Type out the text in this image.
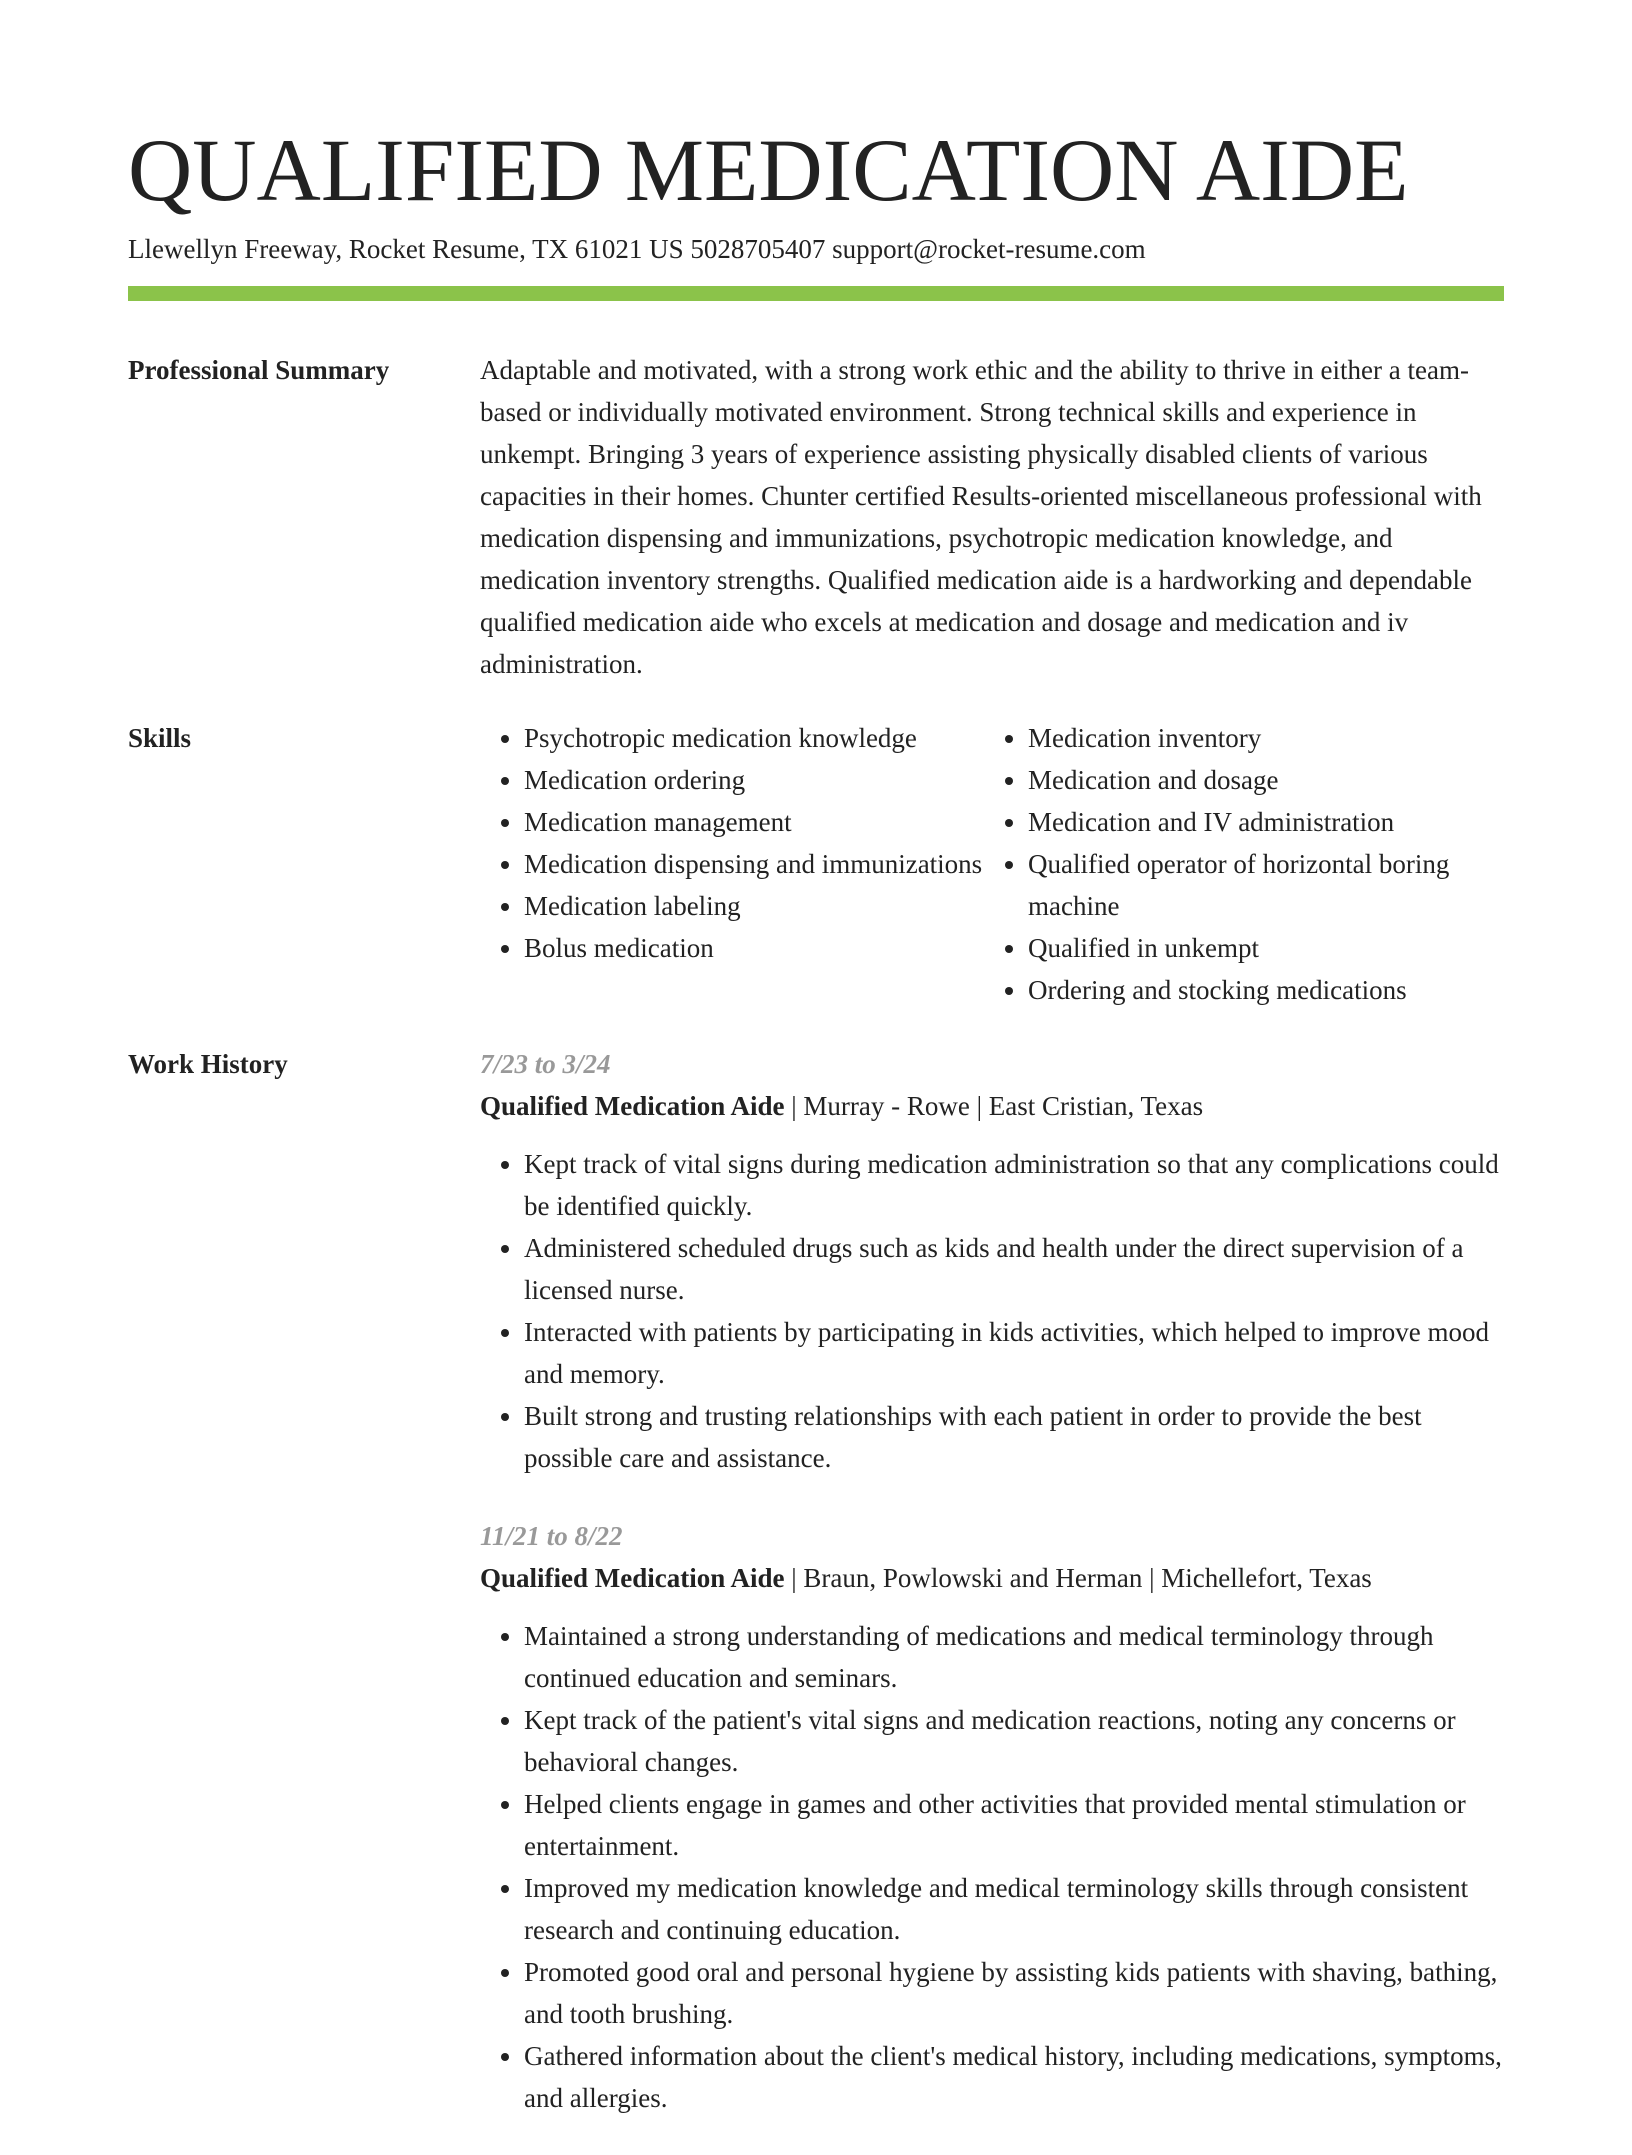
QUALIFIED MEDICATION AIDE
Llewellyn Freeway, Rocket Resume, TX 61021 US 5028705407 support@rocket-resume.com
Professional Summary	Adaptable and motivated, with a strong work ethic and the ability to thrive in either a team-based or individually motivated environment. Strong technical skills and experience in unkempt. Bringing 3 years of experience assisting physically disabled clients of various capacities in their homes. Chunter certified Results-oriented miscellaneous professional with medication dispensing and immunizations, psychotropic medication knowledge, and medication inventory strengths. Qualified medication aide is a hardworking and dependable qualified medication aide who excels at medication and dosage and medication and iv administration.

Skills
•	Psychotropic medication knowledge
• Medication ordering
• Medication management
• Medication dispensing and immunizations
• Medication labeling
• Bolus medication
• Medication inventory
• Medication and dosage
• Medication and IV administration
• Qualified operator of horizontal boring machine
• Qualified in unkempt
• Ordering and stocking medications
Work History	7/23 to 3/24
Qualified Medication Aide | Murray - Rowe | East Cristian, Texas
• Kept track of vital signs during medication administration so that any complications could be identified quickly.
• Administered scheduled drugs such as kids and health under the direct supervision of a licensed nurse.
• Interacted with patients by participating in kids activities, which helped to improve mood and memory.
• Built strong and trusting relationships with each patient in order to provide the best possible care and assistance.
11/21 to 8/22
Qualified Medication Aide | Braun, Powlowski and Herman | Michellefort, Texas
• Maintained a strong understanding of medications and medical terminology through continued education and seminars.
• Kept track of the patient's vital signs and medication reactions, noting any concerns or behavioral changes.
• Helped clients engage in games and other activities that provided mental stimulation or entertainment.
• Improved my medication knowledge and medical terminology skills through consistent research and continuing education.
• Promoted good oral and personal hygiene by assisting kids patients with shaving, bathing, and tooth brushing.
• Gathered information about the client's medical history, including medications, symptoms, and allergies.
